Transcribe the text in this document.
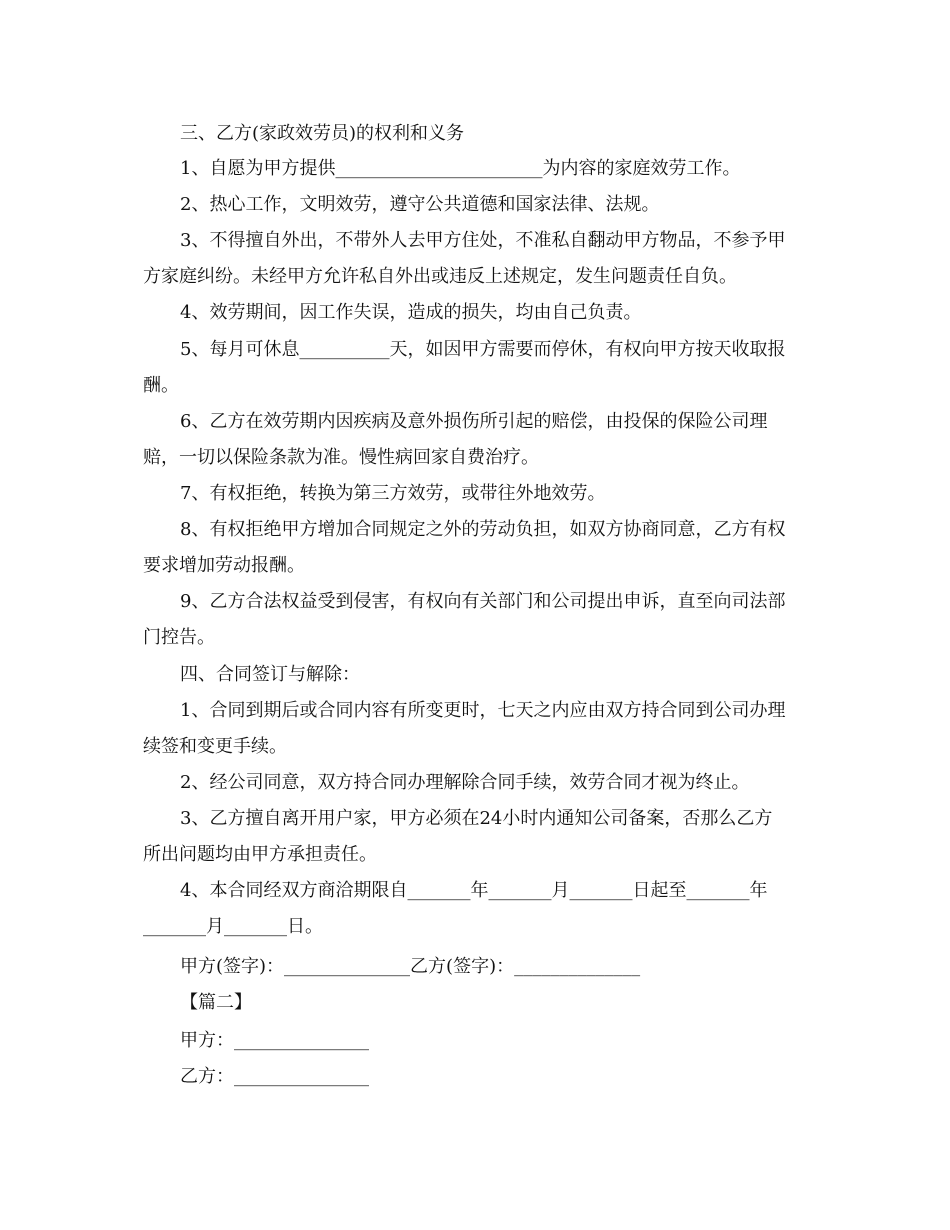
三、乙方(家政效劳员)的权利和义务
1、自愿为甲方提供_______________________为内容的家庭效劳工作。
2、热心工作，文明效劳，遵守公共道德和国家法律、法规。
3、不得擅自外出，不带外人去甲方住处，不准私自翻动甲方物品，不参予甲
方家庭纠纷。未经甲方允许私自外出或违反上述规定，发生问题责任自负。
4、效劳期间，因工作失误，造成的损失，均由自己负责。
5、每月可休息__________天，如因甲方需要而停休，有权向甲方按天收取报
酬。
6、乙方在效劳期内因疾病及意外损伤所引起的赔偿，由投保的保险公司理
赔，一切以保险条款为准。慢性病回家自费治疗。
7、有权拒绝，转换为第三方效劳，或带往外地效劳。
8、有权拒绝甲方增加合同规定之外的劳动负担，如双方协商同意，乙方有权
要求增加劳动报酬。
9、乙方合法权益受到侵害，有权向有关部门和公司提出申诉，直至向司法部
门控告。
四、合同签订与解除：
1、合同到期后或合同内容有所变更时，七天之内应由双方持合同到公司办理
续签和变更手续。
2、经公司同意，双方持合同办理解除合同手续，效劳合同才视为终止。
3、乙方擅自离开用户家，甲方必须在24小时内通知公司备案，否那么乙方
所出问题均由甲方承担责任。
4、本合同经双方商洽期限自_______年_______月_______日起至_______年
_______月_______日。
甲方(签字)：______________乙方(签字)：______________
【篇二】
甲方：_______________
乙方：_______________
